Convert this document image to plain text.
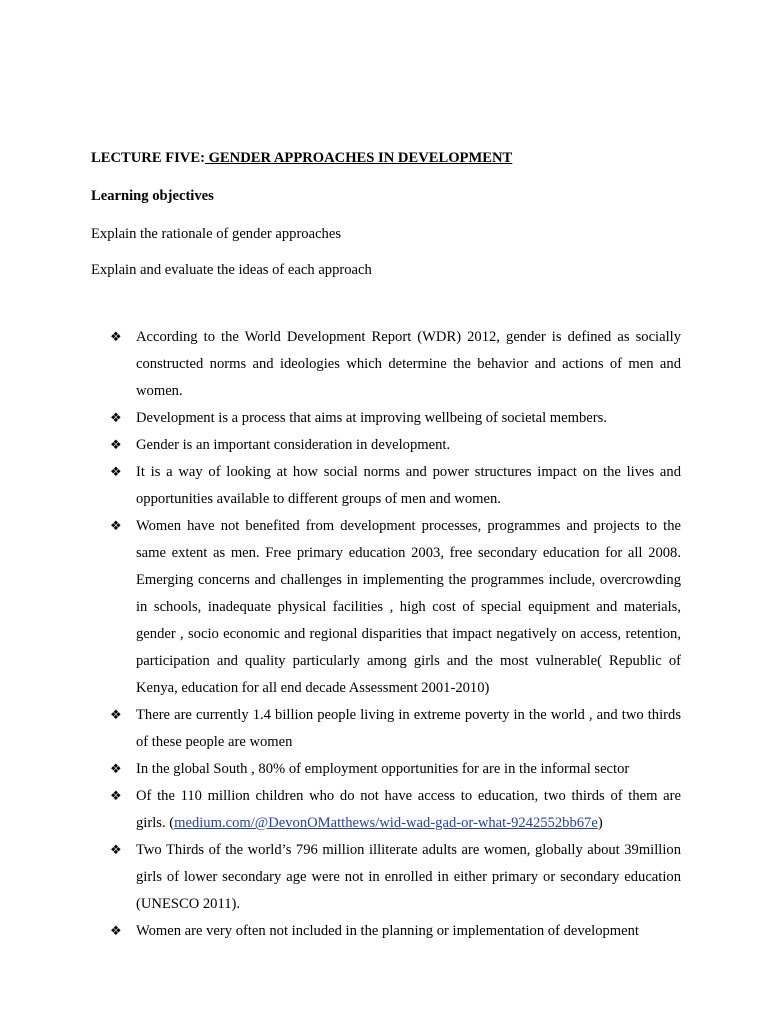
LECTURE FIVE: GENDER APPROACHES IN DEVELOPMENT
Learning objectives
Explain the rationale of gender approaches
Explain and evaluate the ideas of each approach
❖ According to the World Development Report (WDR) 2012, gender is defined as socially constructed norms and ideologies which determine the behavior and actions of men and women.
❖ Development is a process that aims at improving wellbeing of societal members.
❖ Gender is an important consideration in development.
❖ It is a way of looking at how social norms and power structures impact on the lives and opportunities available to different groups of men and women.
❖ Women have not benefited from development processes, programmes and projects to the same extent as men. Free primary education 2003, free secondary education for all 2008. Emerging concerns and challenges in implementing the programmes include, overcrowding in schools, inadequate physical facilities , high cost of special equipment and materials, gender , socio economic and regional disparities that impact negatively on access, retention, participation and quality particularly among girls and the most vulnerable( Republic of Kenya, education for all end decade Assessment 2001-2010)
❖ There are currently 1.4 billion people living in extreme poverty in the world , and two thirds of these people are women
❖ In the global South , 80% of employment opportunities for are in the informal sector
❖ Of the 110 million children who do not have access to education, two thirds of them are girls. (medium.com/@DevonOMatthews/wid-wad-gad-or-what-9242552bb67e)
❖ Two Thirds of the world’s 796 million illiterate adults are women, globally about 39million girls of lower secondary age were not in enrolled in either primary or secondary education (UNESCO 2011).
❖ Women are very often not included in the planning or implementation of development
